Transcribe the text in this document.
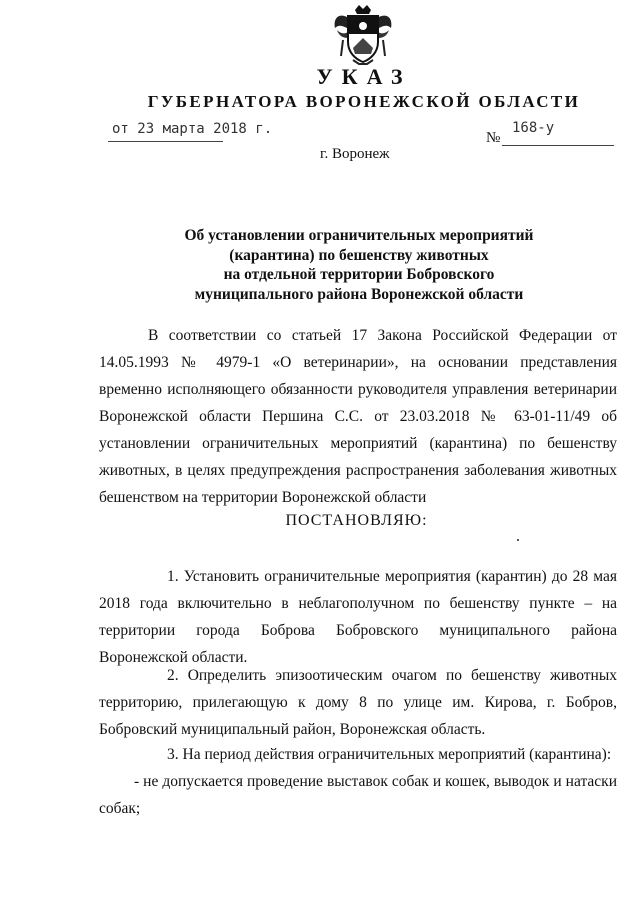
УКАЗ
ГУБЕРНАТОРА ВОРОНЕЖСКОЙ ОБЛАСТИ
от 23 марта 2018 г.
№
168-у
г. Воронеж
Об установлении ограничительных мероприятий
(карантина) по бешенству животных
на отдельной территории Бобровского
муниципального района Воронежской области
В соответствии со статьей 17 Закона Российской Федерации от 14.05.1993 № 4979-1 «О ветеринарии», на основании представления временно исполняющего обязанности руководителя управления ветеринарии Воронежской области Першина С.С. от 23.03.2018 № 63-01-11/49 об установлении ограничительных мероприятий (карантина) по бешенству животных, в целях предупреждения распространения заболевания животных бешенством на территории Воронежской области
ПОСТАНОВЛЯЮ:
1. Установить ограничительные мероприятия (карантин) до 28 мая 2018 года включительно в неблагополучном по бешенству пункте – на территории города Боброва Бобровского муниципального района Воронежской области.
2. Определить эпизоотическим очагом по бешенству животных территорию, прилегающую к дому 8 по улице им. Кирова, г. Бобров, Бобровский муниципальный район, Воронежская область.
3. На период действия ограничительных мероприятий (карантина):
- не допускается проведение выставок собак и кошек, выводок и натаски собак;
